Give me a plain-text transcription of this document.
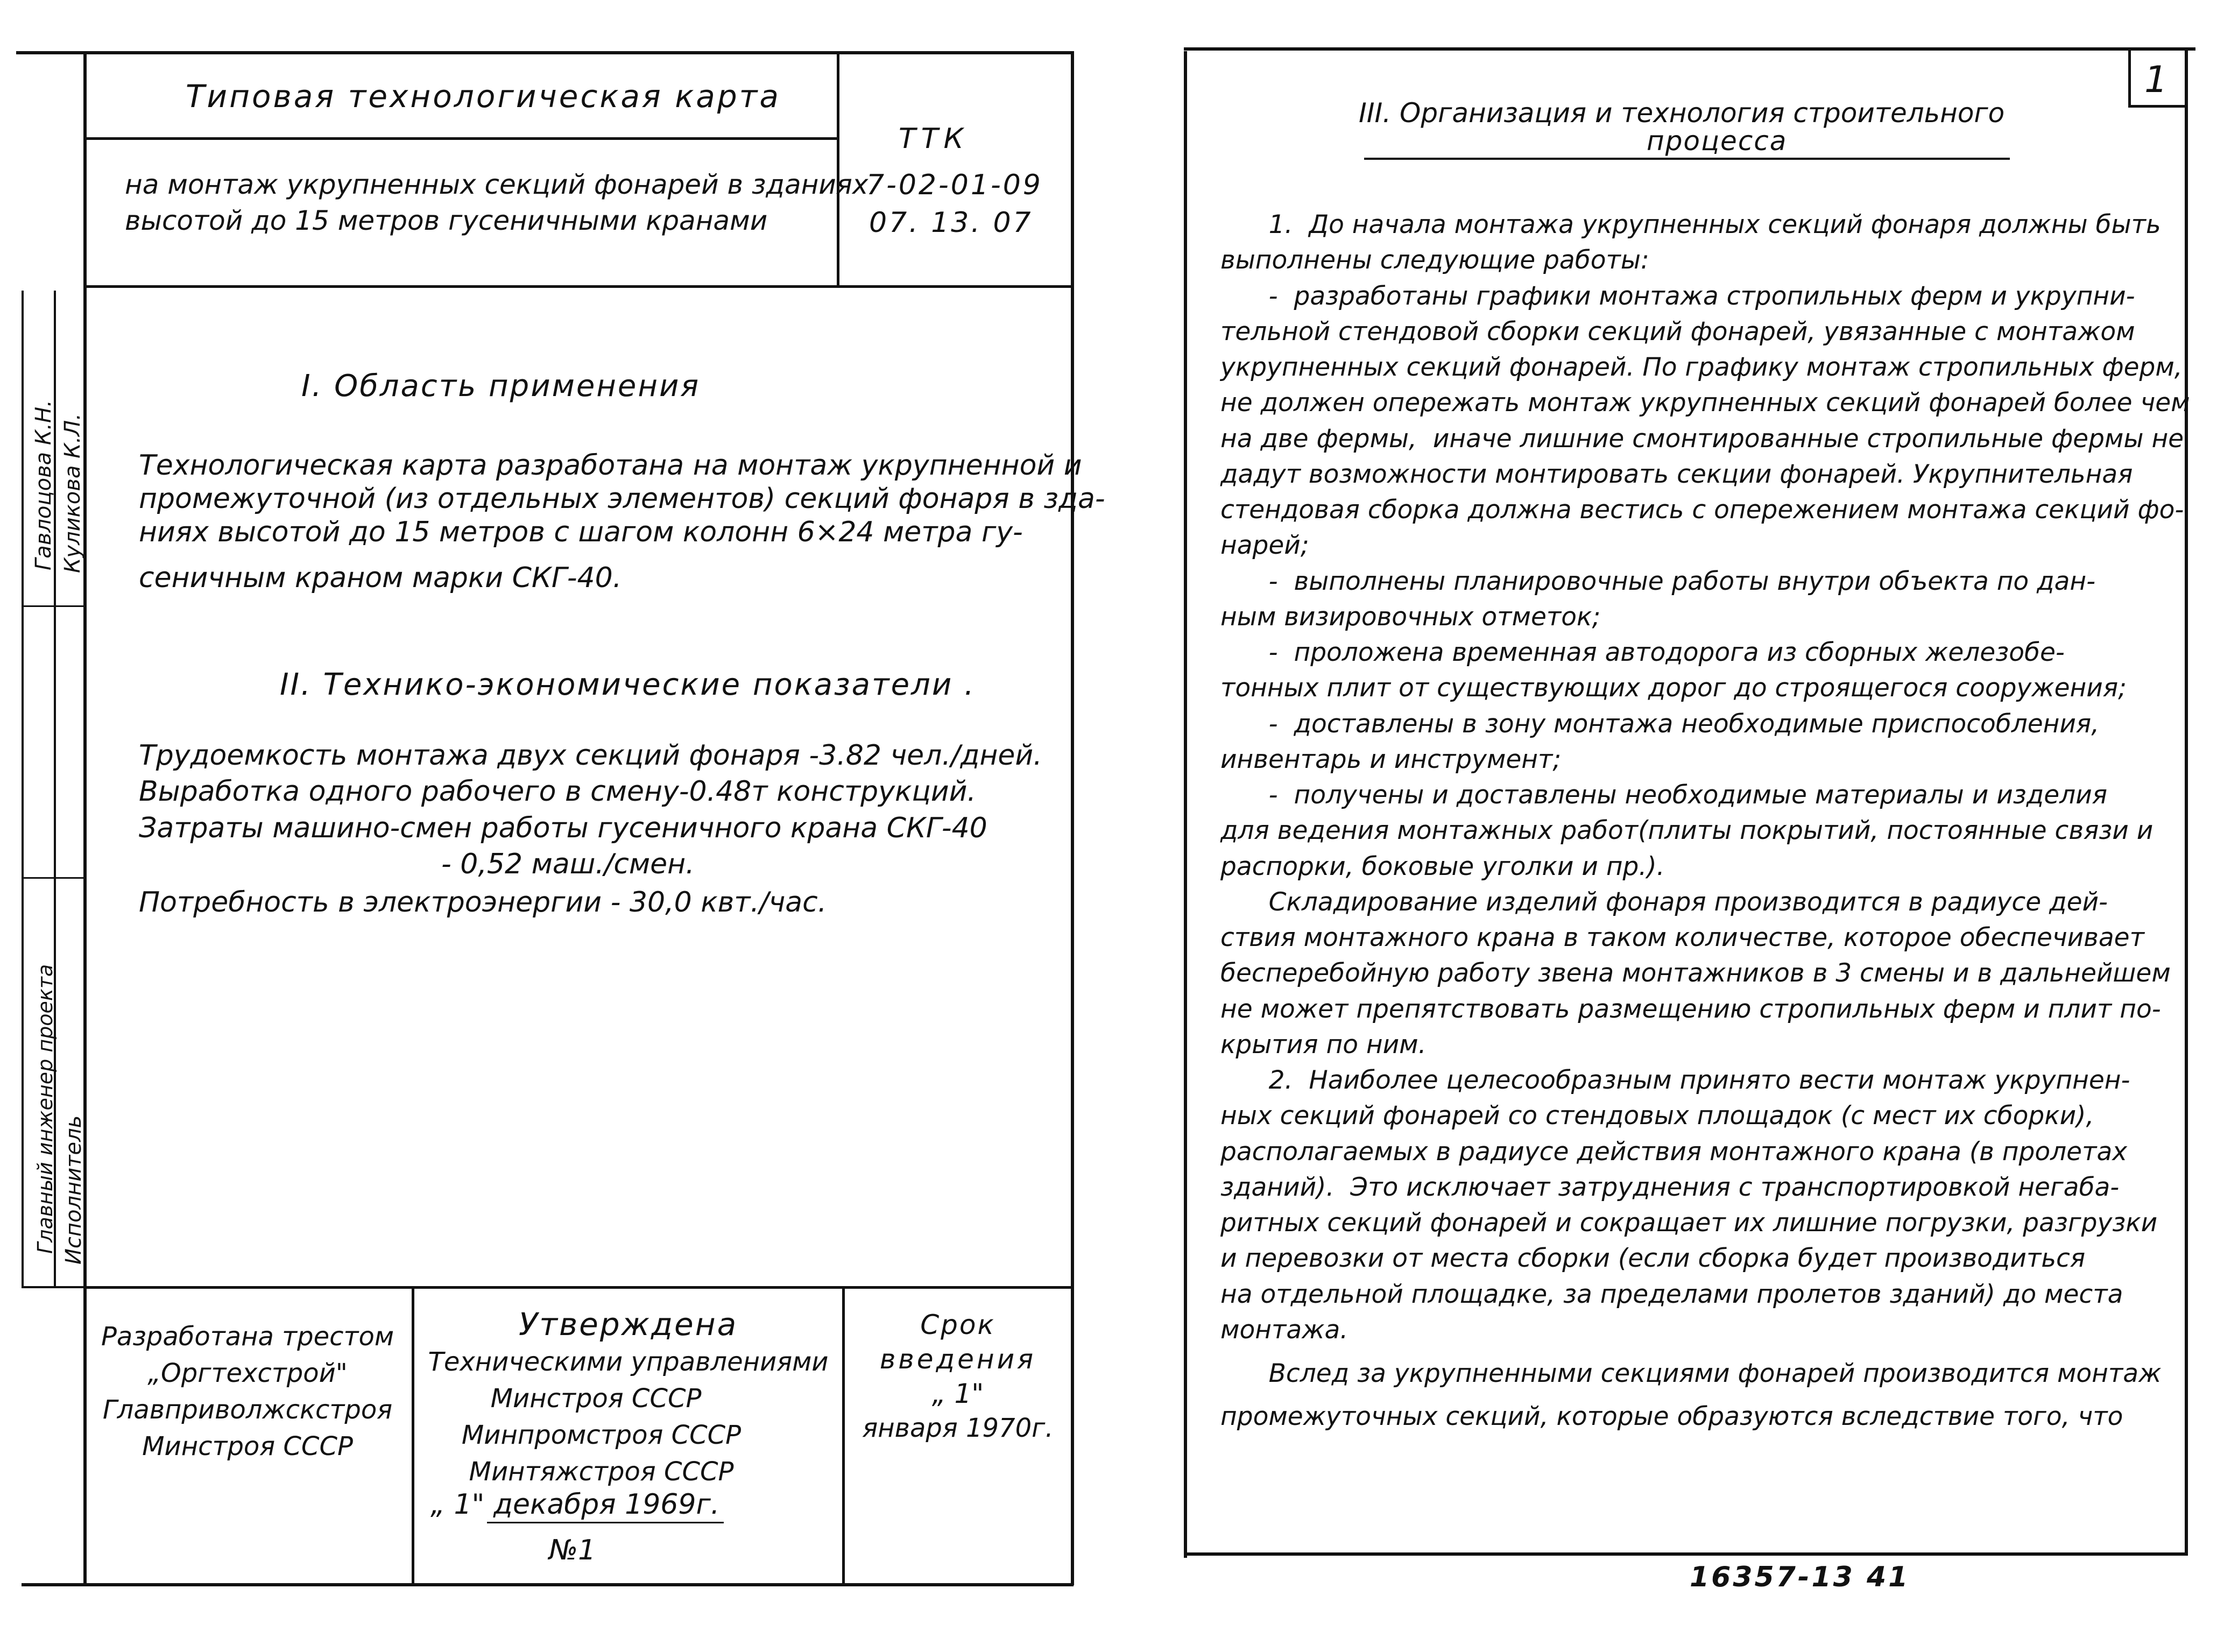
Типовая технологическая карта
на монтаж укрупненных секций фонарей в зданиях
высотой до 15 метров гусеничными кранами
ТТК
7-02-01-09
07. 13. 07
Гавлоцова К.Н. Куликова К.Л.
Главный инженер проекта Исполнитель
I. Область применения
Технологическая карта разработана на монтаж укрупненной и
промежуточной (из отдельных элементов) секций фонаря в зда-
ниях высотой до 15 метров с шагом колонн 6×24 метра гу-
сеничным краном марки СКГ-40.
II. Технико-экономические показатели .
Трудоемкость монтажа двух секций фонаря -3.82 чел./дней.
Выработка одного рабочего в смену-0.48т конструкций.
Затраты машино-смен работы гусеничного крана СКГ-40
- 0,52 маш./смен.
Потребность в электроэнергии - 30,0 квт./час.
Разработана трестом
„Оргтехстрой"
Главприволжскстроя
Минстроя СССР
Утверждена
Техническими управлениями
Минстроя СССР
Минпромстроя СССР
Минтяжстроя СССР
„ 1" декабря 1969г.
№1
Срок
введения
„ 1"
января 1970г.
1
III. Организация и технология строительного
процесса
1.  До начала монтажа укрупненных секций фонаря должны быть
выполнены следующие работы:
-  разработаны графики монтажа стропильных ферм и укрупни-
тельной стендовой сборки секций фонарей, увязанные с монтажом
укрупненных секций фонарей. По графику монтаж стропильных ферм,
не должен опережать монтаж укрупненных секций фонарей более чем
на две фермы,  иначе лишние смонтированные стропильные фермы не
дадут возможности монтировать секции фонарей. Укрупнительная
стендовая сборка должна вестись с опережением монтажа секций фо-
нарей;
-  выполнены планировочные работы внутри объекта по дан-
ным визировочных отметок;
-  проложена временная автодорога из сборных железобе-
тонных плит от существующих дорог до строящегося сооружения;
-  доставлены в зону монтажа необходимые приспособления,
инвентарь и инструмент;
-  получены и доставлены необходимые материалы и изделия
для ведения монтажных работ(плиты покрытий, постоянные связи и
распорки, боковые уголки и пр.).
Складирование изделий фонаря производится в радиусе дей-
ствия монтажного крана в таком количестве, которое обеспечивает
бесперебойную работу звена монтажников в 3 смены и в дальнейшем
не может препятствовать размещению стропильных ферм и плит по-
крытия по ним.
2.  Наиболее целесообразным принято вести монтаж укрупнен-
ных секций фонарей со стендовых площадок (с мест их сборки),
располагаемых в радиусе действия монтажного крана (в пролетах
зданий).  Это исключает затруднения с транспортировкой негаба-
ритных секций фонарей и сокращает их лишние погрузки, разгрузки
и перевозки от места сборки (если сборка будет производиться
на отдельной площадке, за пределами пролетов зданий) до места
монтажа.
Вслед за укрупненными секциями фонарей производится монтаж
промежуточных секций, которые образуются вследствие того, что
16357-13 41
